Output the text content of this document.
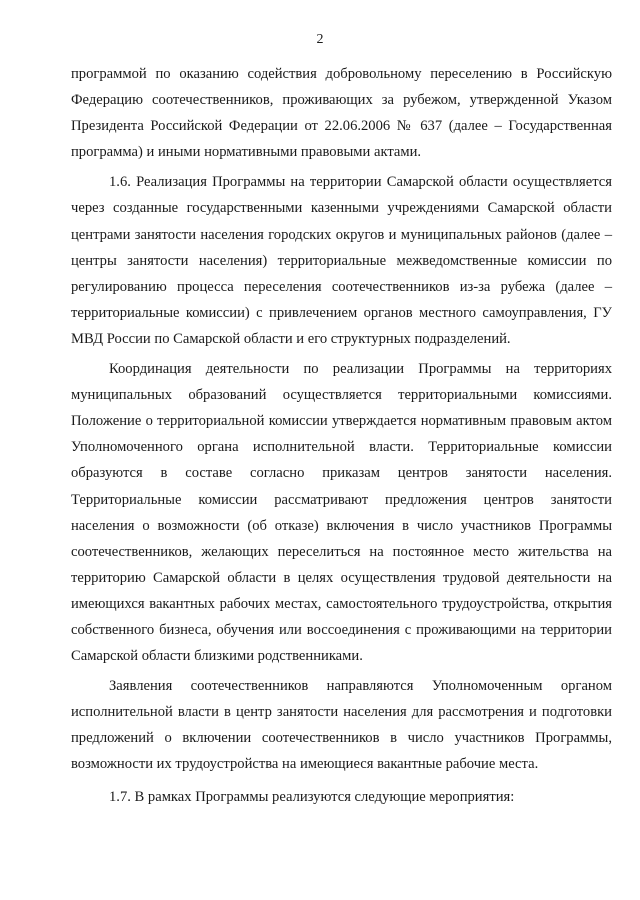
2

программой по оказанию содействия добровольному переселению в Российскую Федерацию соотечественников, проживающих за рубежом, утвержденной Указом Президента Российской Федерации от 22.06.2006 № 637 (далее – Государственная программа) и иными нормативными правовыми актами.

1.6. Реализация Программы на территории Самарской области осуществляется через созданные государственными казенными учреждениями Самарской области центрами занятости населения городских округов и муниципальных районов (далее – центры занятости населения) территориальные межведомственные комиссии по регулированию процесса переселения соотечественников из-за рубежа (далее – территориальные комиссии) с привлечением органов местного самоуправления, ГУ МВД России по Самарской области и его структурных подразделений.

Координация деятельности по реализации Программы на территориях муниципальных образований осуществляется территориальными комиссиями. Положение о территориальной комиссии утверждается нормативным правовым актом Уполномоченного органа исполнительной власти. Территориальные комиссии образуются в составе согласно приказам центров занятости населения. Территориальные комиссии рассматривают предложения центров занятости населения о возможности (об отказе) включения в число участников Программы соотечественников, желающих переселиться на постоянное место жительства на территорию Самарской области в целях осуществления трудовой деятельности на имеющихся вакантных рабочих местах, самостоятельного трудоустройства, открытия собственного бизнеса, обучения или воссоединения с проживающими на территории Самарской области близкими родственниками.

Заявления соотечественников направляются Уполномоченным органом исполнительной власти в центр занятости населения для рассмотрения и подготовки предложений о включении соотечественников в число участников Программы, возможности их трудоустройства на имеющиеся вакантные рабочие места.

1.7. В рамках Программы реализуются следующие мероприятия:
